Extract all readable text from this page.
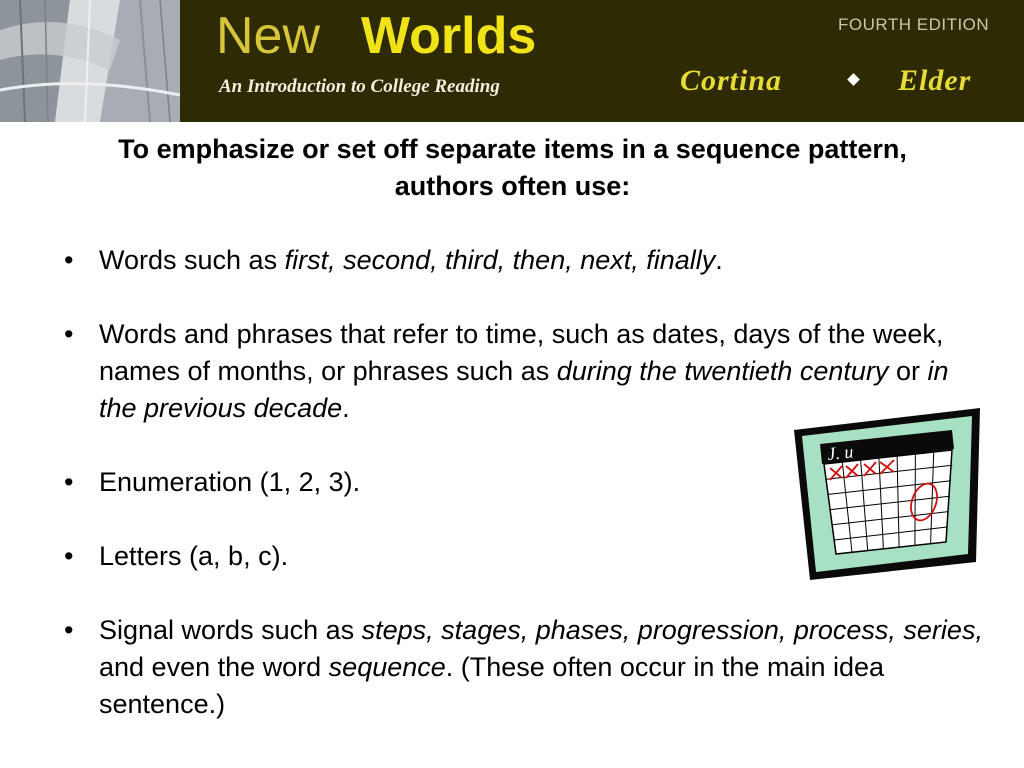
New Worlds
An Introduction to College Reading
FOURTH EDITION
Cortina	Elder
To emphasize or set off separate items in a sequence pattern, authors often use:
• Words such as first, second, third, then, next, finally.
• Words and phrases that refer to time, such as dates, days of the week, names of months, or phrases such as during the twentieth century or in the previous decade.
• Enumeration (1, 2, 3).
• Letters (a, b, c).
• Signal words such as steps, stages, phases, progression, process, series, and even the word sequence. (These often occur in the main idea sentence.)
J. u
